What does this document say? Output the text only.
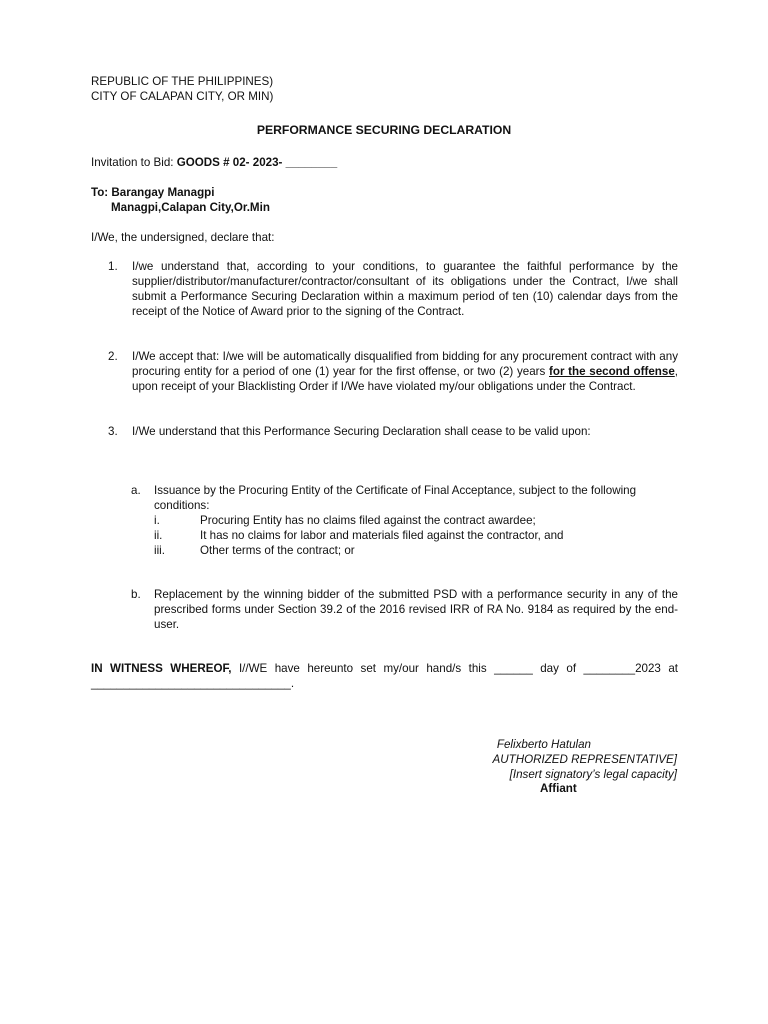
REPUBLIC OF THE PHILIPPINES)
CITY OF CALAPAN CITY, OR MIN)
PERFORMANCE SECURING DECLARATION
Invitation to Bid: GOODS # 02- 2023- ________
To: Barangay Managpi
Managpi,Calapan City,Or.Min
I/We, the undersigned, declare that:
1.	I/we understand that, according to your conditions, to guarantee the faithful performance by the supplier/distributor/manufacturer/contractor/consultant of its obligations under the Contract, I/we shall submit a Performance Securing Declaration within a maximum period of ten (10) calendar days from the receipt of the Notice of Award prior to the signing of the Contract.
2.	I/We accept that: I/we will be automatically disqualified from bidding for any procurement contract with any procuring entity for a period of one (1) year for the first offense, or two (2) years for the second offense, upon receipt of your Blacklisting Order if I/We have violated my/our obligations under the Contract.
3.	I/We understand that this Performance Securing Declaration shall cease to be valid upon:
a. Issuance by the Procuring Entity of the Certificate of Final Acceptance, subject to the following conditions:
i.	Procuring Entity has no claims filed against the contract awardee;
ii.	It has no claims for labor and materials filed against the contractor, and
iii.	Other terms of the contract; or
b. Replacement by the winning bidder of the submitted PSD with a performance security in any of the prescribed forms under Section 39.2 of the 2016 revised IRR of RA No. 9184 as required by the end-user.
IN WITNESS WHEREOF, I//WE have hereunto set my/our hand/s this ______ day of ________2023 at _______________________________.
Felixberto Hatulan
AUTHORIZED REPRESENTATIVE]
[Insert signatory’s legal capacity]
Affiant
